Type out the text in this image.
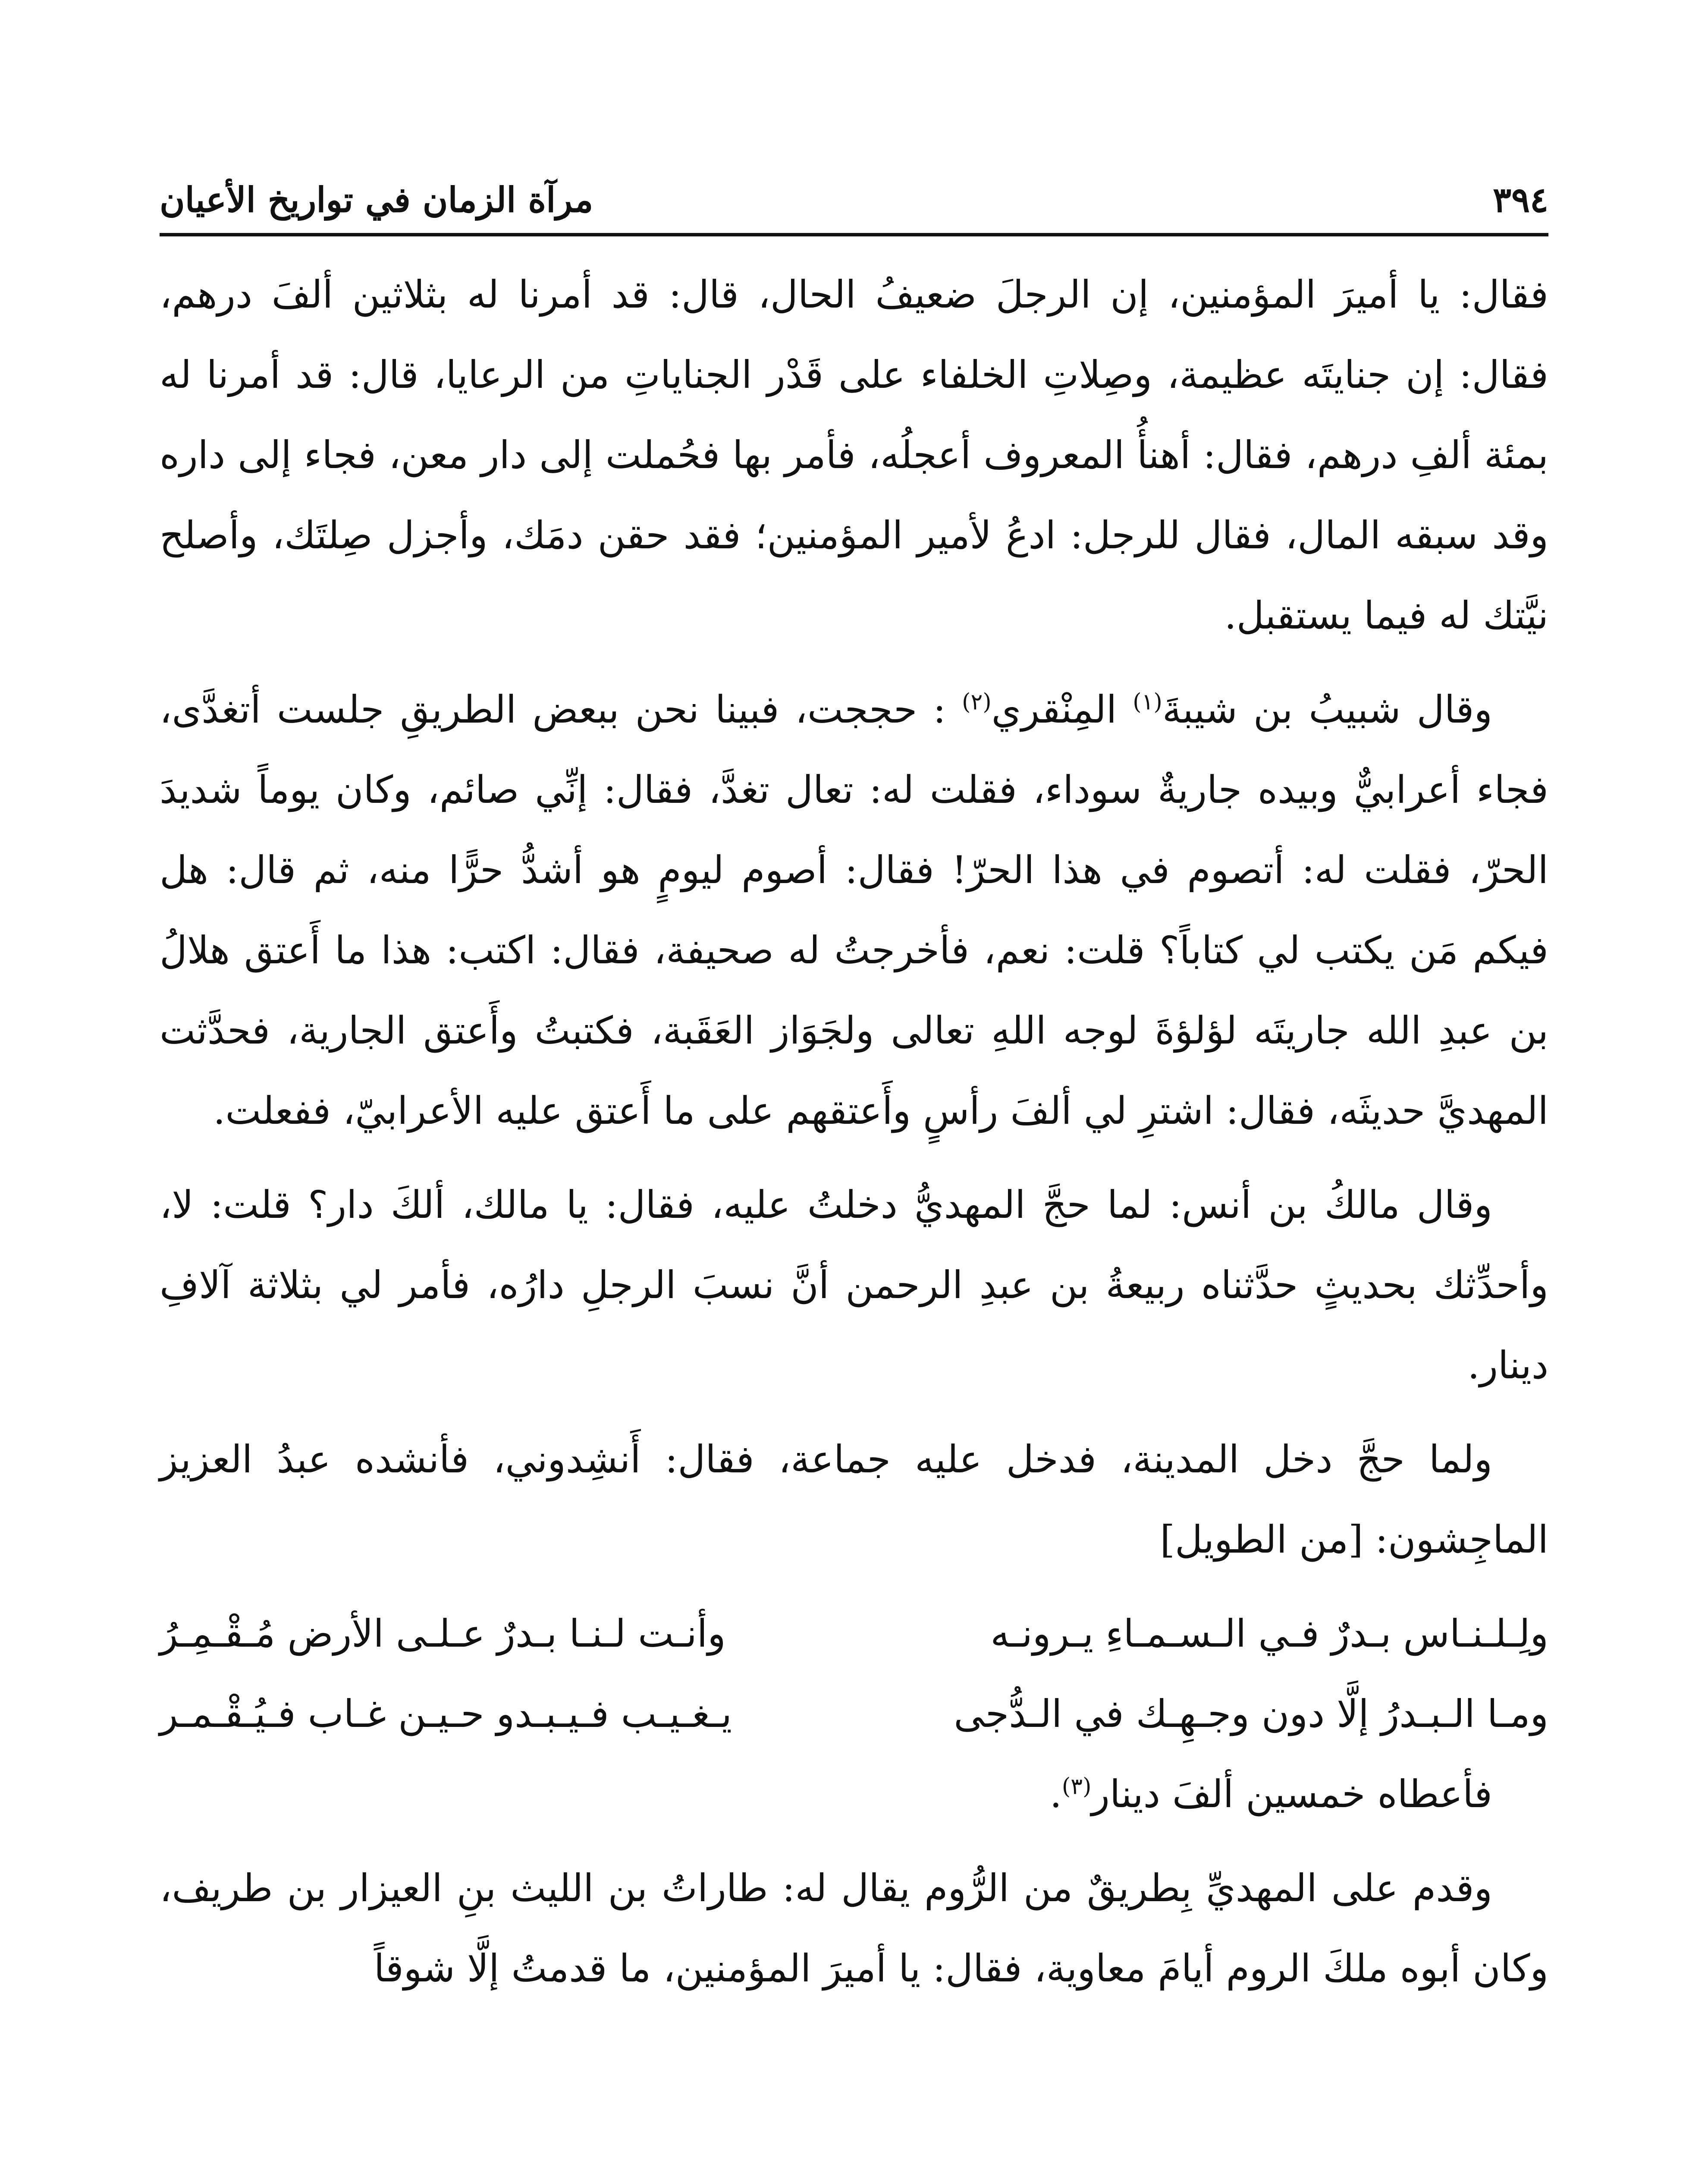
٣٩٤
مرآة الزمان في تواريخ الأعيان

فقال: يا أميرَ المؤمنين، إن الرجلَ ضعيفُ الحال، قال: قد أمرنا له بثلاثين ألفَ درهم، فقال: إن جنايتَه عظيمة، وصِلاتِ الخلفاء على قَدْر الجناياتِ من الرعايا، قال: قد أمرنا له بمئة ألفِ درهم، فقال: أهنأُ المعروف أعجلُه، فأمر بها فحُملت إلى دار معن، فجاء إلى داره وقد سبقه المال، فقال للرجل: ادعُ لأمير المؤمنين؛ فقد حقن دمَك، وأجزل صِلتَك، وأصلح نيَّتك له فيما يستقبل.

وقال شبيبُ بن شيبةَ$^{(١)}$ المِنْقري$^{(٢)}$ : حججت، فبينا نحن ببعض الطريقِ جلست أتغدَّى، فجاء أعرابيٌّ وبيده جاريةٌ سوداء، فقلت له: تعال تغدَّ، فقال: إنِّي صائم، وكان يوماً شديدَ الحرّ، فقلت له: أتصوم في هذا الحرّ! فقال: أصوم ليومٍ هو أشدُّ حرًّا منه، ثم قال: هل فيكم مَن يكتب لي كتاباً؟ قلت: نعم، فأخرجتُ له صحيفة، فقال: اكتب: هذا ما أَعتق هلالُ بن عبدِ الله جاريتَه لؤلؤةَ لوجه اللهِ تعالى ولجَوَاز العَقَبة، فكتبتُ وأَعتق الجارية، فحدَّثت المهديَّ حديثَه، فقال: اشترِ لي ألفَ رأسٍ وأَعتقهم على ما أَعتق عليه الأعرابيّ، ففعلت.

وقال مالكُ بن أنس: لما حجَّ المهديُّ دخلتُ عليه، فقال: يا مالك، ألكَ دار؟ قلت: لا، وأحدِّثك بحديثٍ حدَّثناه ربيعةُ بن عبدِ الرحمن أنَّ نسبَ الرجلِ دارُه، فأمر لي بثلاثة آلافِ دينار.

ولما حجَّ دخل المدينة، فدخل عليه جماعة، فقال: أَنشِدوني، فأنشده عبدُ العزيز الماجِشون: [من الطويل]

ولِـلـنـاس بـدرٌ فـي الـسـمـاءِ يـرونـه
وأنـت لـنـا بـدرٌ عـلـى الأرض مُـقْـمِـرُ
ومـا الـبـدرُ إلَّا دون وجـهِـك في الـدُّجى
يـغـيـب فـيـبـدو حـيـن غـاب فـيُـقْـمـر

فأعطاه خمسين ألفَ دينار$^{(٣)}$.

وقدم على المهديِّ بِطريقٌ من الرُّوم يقال له: طاراتُ بن الليث بنِ العيزار بن طريف، وكان أبوه ملكَ الروم أيامَ معاوية، فقال: يا أميرَ المؤمنين، ما قدمتُ إلَّا شوقاً
